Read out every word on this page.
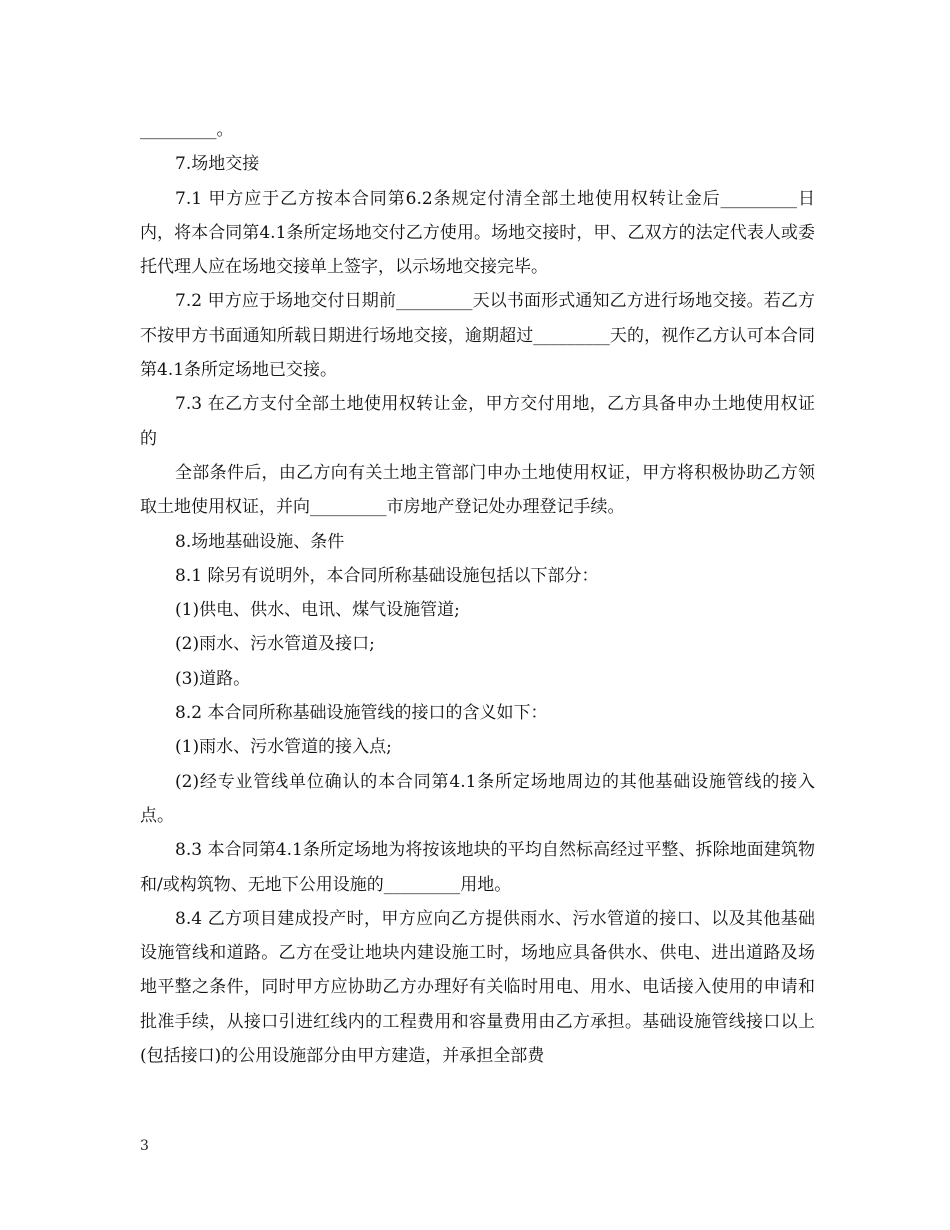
_________。

7.场地交接

7.1 甲方应于乙方按本合同第6.2条规定付清全部土地使用权转让金后_________日内，将本合同第4.1条所定场地交付乙方使用。场地交接时，甲、乙双方的法定代表人或委托代理人应在场地交接单上签字，以示场地交接完毕。

7.2 甲方应于场地交付日期前_________天以书面形式通知乙方进行场地交接。若乙方不按甲方书面通知所载日期进行场地交接，逾期超过_________天的，视作乙方认可本合同第4.1条所定场地已交接。

7.3 在乙方支付全部土地使用权转让金，甲方交付用地，乙方具备申办土地使用权证的

全部条件后，由乙方向有关土地主管部门申办土地使用权证，甲方将积极协助乙方领取土地使用权证，并向_________市房地产登记处办理登记手续。

8.场地基础设施、条件

8.1 除另有说明外，本合同所称基础设施包括以下部分：

(1)供电、供水、电讯、煤气设施管道;

(2)雨水、污水管道及接口;

(3)道路。

8.2 本合同所称基础设施管线的接口的含义如下：

(1)雨水、污水管道的接入点;

(2)经专业管线单位确认的本合同第4.1条所定场地周边的其他基础设施管线的接入点。

8.3 本合同第4.1条所定场地为将按该地块的平均自然标高经过平整、拆除地面建筑物和/或构筑物、无地下公用设施的_________用地。

8.4 乙方项目建成投产时，甲方应向乙方提供雨水、污水管道的接口、以及其他基础设施管线和道路。乙方在受让地块内建设施工时，场地应具备供水、供电、进出道路及场地平整之条件，同时甲方应协助乙方办理好有关临时用电、用水、电话接入使用的申请和批准手续，从接口引进红线内的工程费用和容量费用由乙方承担。基础设施管线接口以上(包括接口)的公用设施部分由甲方建造，并承担全部费

3
